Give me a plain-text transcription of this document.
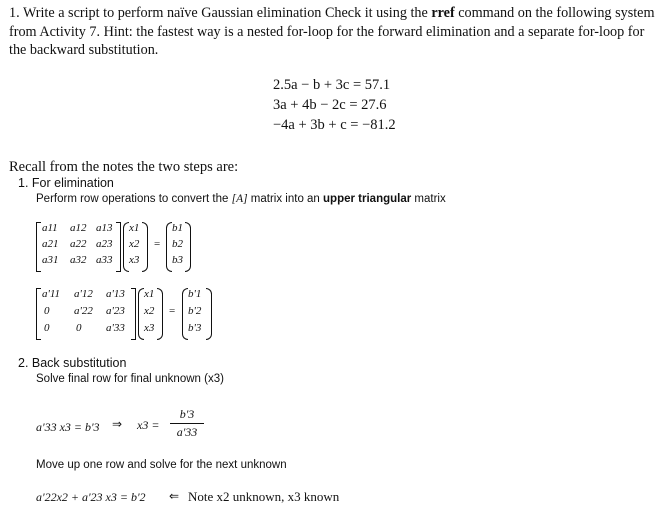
1. Write a script to perform naïve Gaussian elimination Check it using the rref command on the following system from Activity 7. Hint: the fastest way is a nested for-loop for the forward elimination and a separate for-loop for the backward substitution.
2.5a − b + 3c = 57.1
3a + 4b − 2c = 27.6
−4a + 3b + c = −81.2
Recall from the notes the two steps are:
1. For elimination
Perform row operations to convert the [A] matrix into an upper triangular matrix
a11 a12 a13
a21 a22 a23
a31 a32 a33
x1
x2
x3
=
b1
b2
b3
a'11 a'12 a'13
0 a'22 a'23
0 0 a'33
x1
x2
x3
=
b'1
b'2
b'3
2. Back substitution
Solve final row for final unknown (x3)
a'33 x3 = b'3 ⇒ x3 =
b'3
a'33
Move up one row and solve for the next unknown
a'22x2 + a'23 x3 = b'2 ⇐ Note x2 unknown, x3 known
